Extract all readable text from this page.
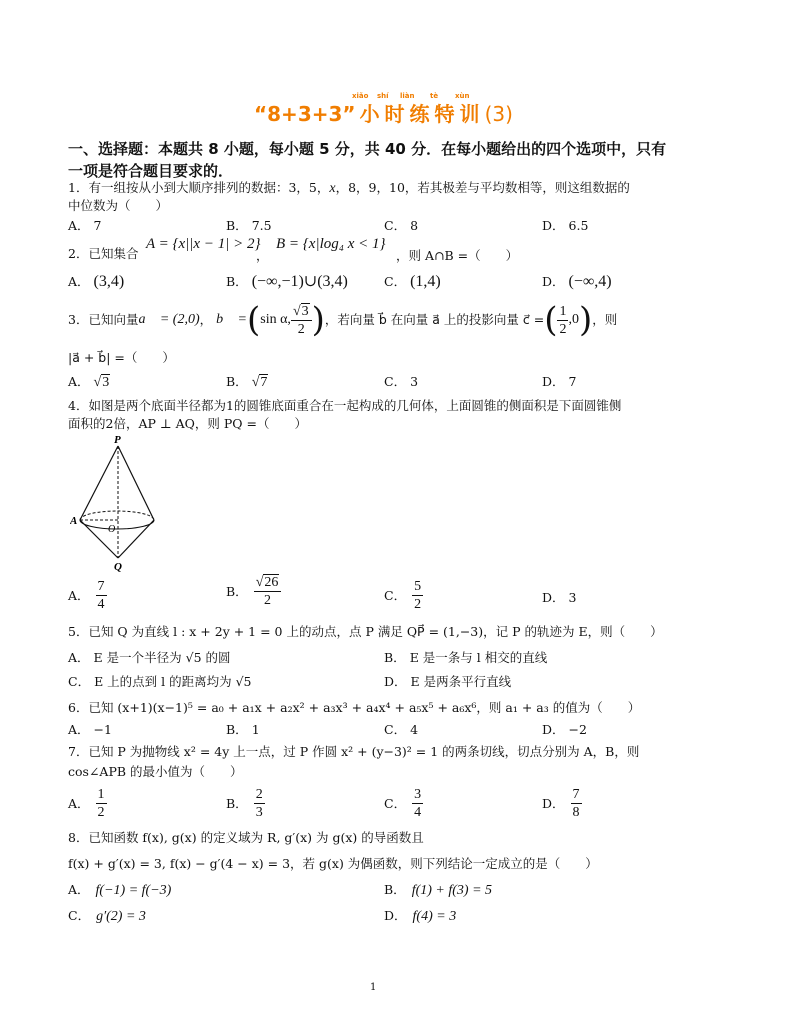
“8+3+3” 小时练特训(3)
xiǎo shí liàn tè xùn
一、选择题：本题共 8 小题，每小题 5 分，共 40 分．在每小题给出的四个选项中，只有
一项是符合题目要求的．
1．有一组按从小到大顺序排列的数据：3，5，x，8，9，10，若其极差与平均数相等，则这组数据的
中位数为（　　）
A． 7	B． 7.5	C． 8	D． 6.5
2．已知集合
A = {x||x − 1| > 2}
，
B = {x|log₄ x < 1}
，则 A∩B =（　　）
A． (3,4)	B． (−∞,−1)∪(3,4)	C． (1,4)	D． (−∞,4)
3．已知向量 a⃗ = (2,0) ， b⃗ = ( sin α, $\frac{√3}{2}$ ) ，若向量 b⃗ 在向量 a⃗ 上的投影向量 c⃗ = ( $\frac{1}{2} ,0$ ) ，则
|a⃗ + b⃗| =（　　）
A． √3	B． √7	C． 3	D． 7
4．如图是两个底面半径都为1的圆锥底面重合在一起构成的几何体，上面圆锥的侧面积是下面圆锥侧
面积的2倍，AP ⊥ AQ，则 PQ =（　　）
P
A
O
Q
A． $\frac{7}{4}$	B． $\frac{√26}{2}$	C． $\frac{5}{2}$	D． 3
5．已知 Q 为直线 l : x + 2y + 1 = 0 上的动点，点 P 满足 QP⃗ = (1,−3)，记 P 的轨迹为 E，则（　　）
A． E 是一个半径为 √5 的圆	B． E 是一条与 l 相交的直线
C． E 上的点到 l 的距离均为 √5	D． E 是两条平行直线
6．已知 (x+1)(x−1)⁵ = a₀ + a₁x + a₂x² + a₃x³ + a₄x⁴ + a₅x⁵ + a₆x⁶，则 a₁ + a₃ 的值为（　　）
A． −1	B． 1	C． 4	D． −2
7．已知 P 为抛物线 x² = 4y 上一点，过 P 作圆 x² + (y−3)² = 1 的两条切线，切点分别为 A，B，则
cos∠APB 的最小值为（　　）
A． $\frac{1}{2}$	B． $\frac{2}{3}$	C． $\frac{3}{4}$	D． $\frac{7}{8}$
8．已知函数 f(x), g(x) 的定义域为 R, g′(x) 为 g(x) 的导函数且
f(x) + g′(x) = 3, f(x) − g′(4 − x) = 3，若 g(x) 为偶函数，则下列结论一定成立的是（　　）
A． f(−1) = f(−3)	B． f(1) + f(3) = 5
C． g′(2) = 3	D． f(4) = 3
1
